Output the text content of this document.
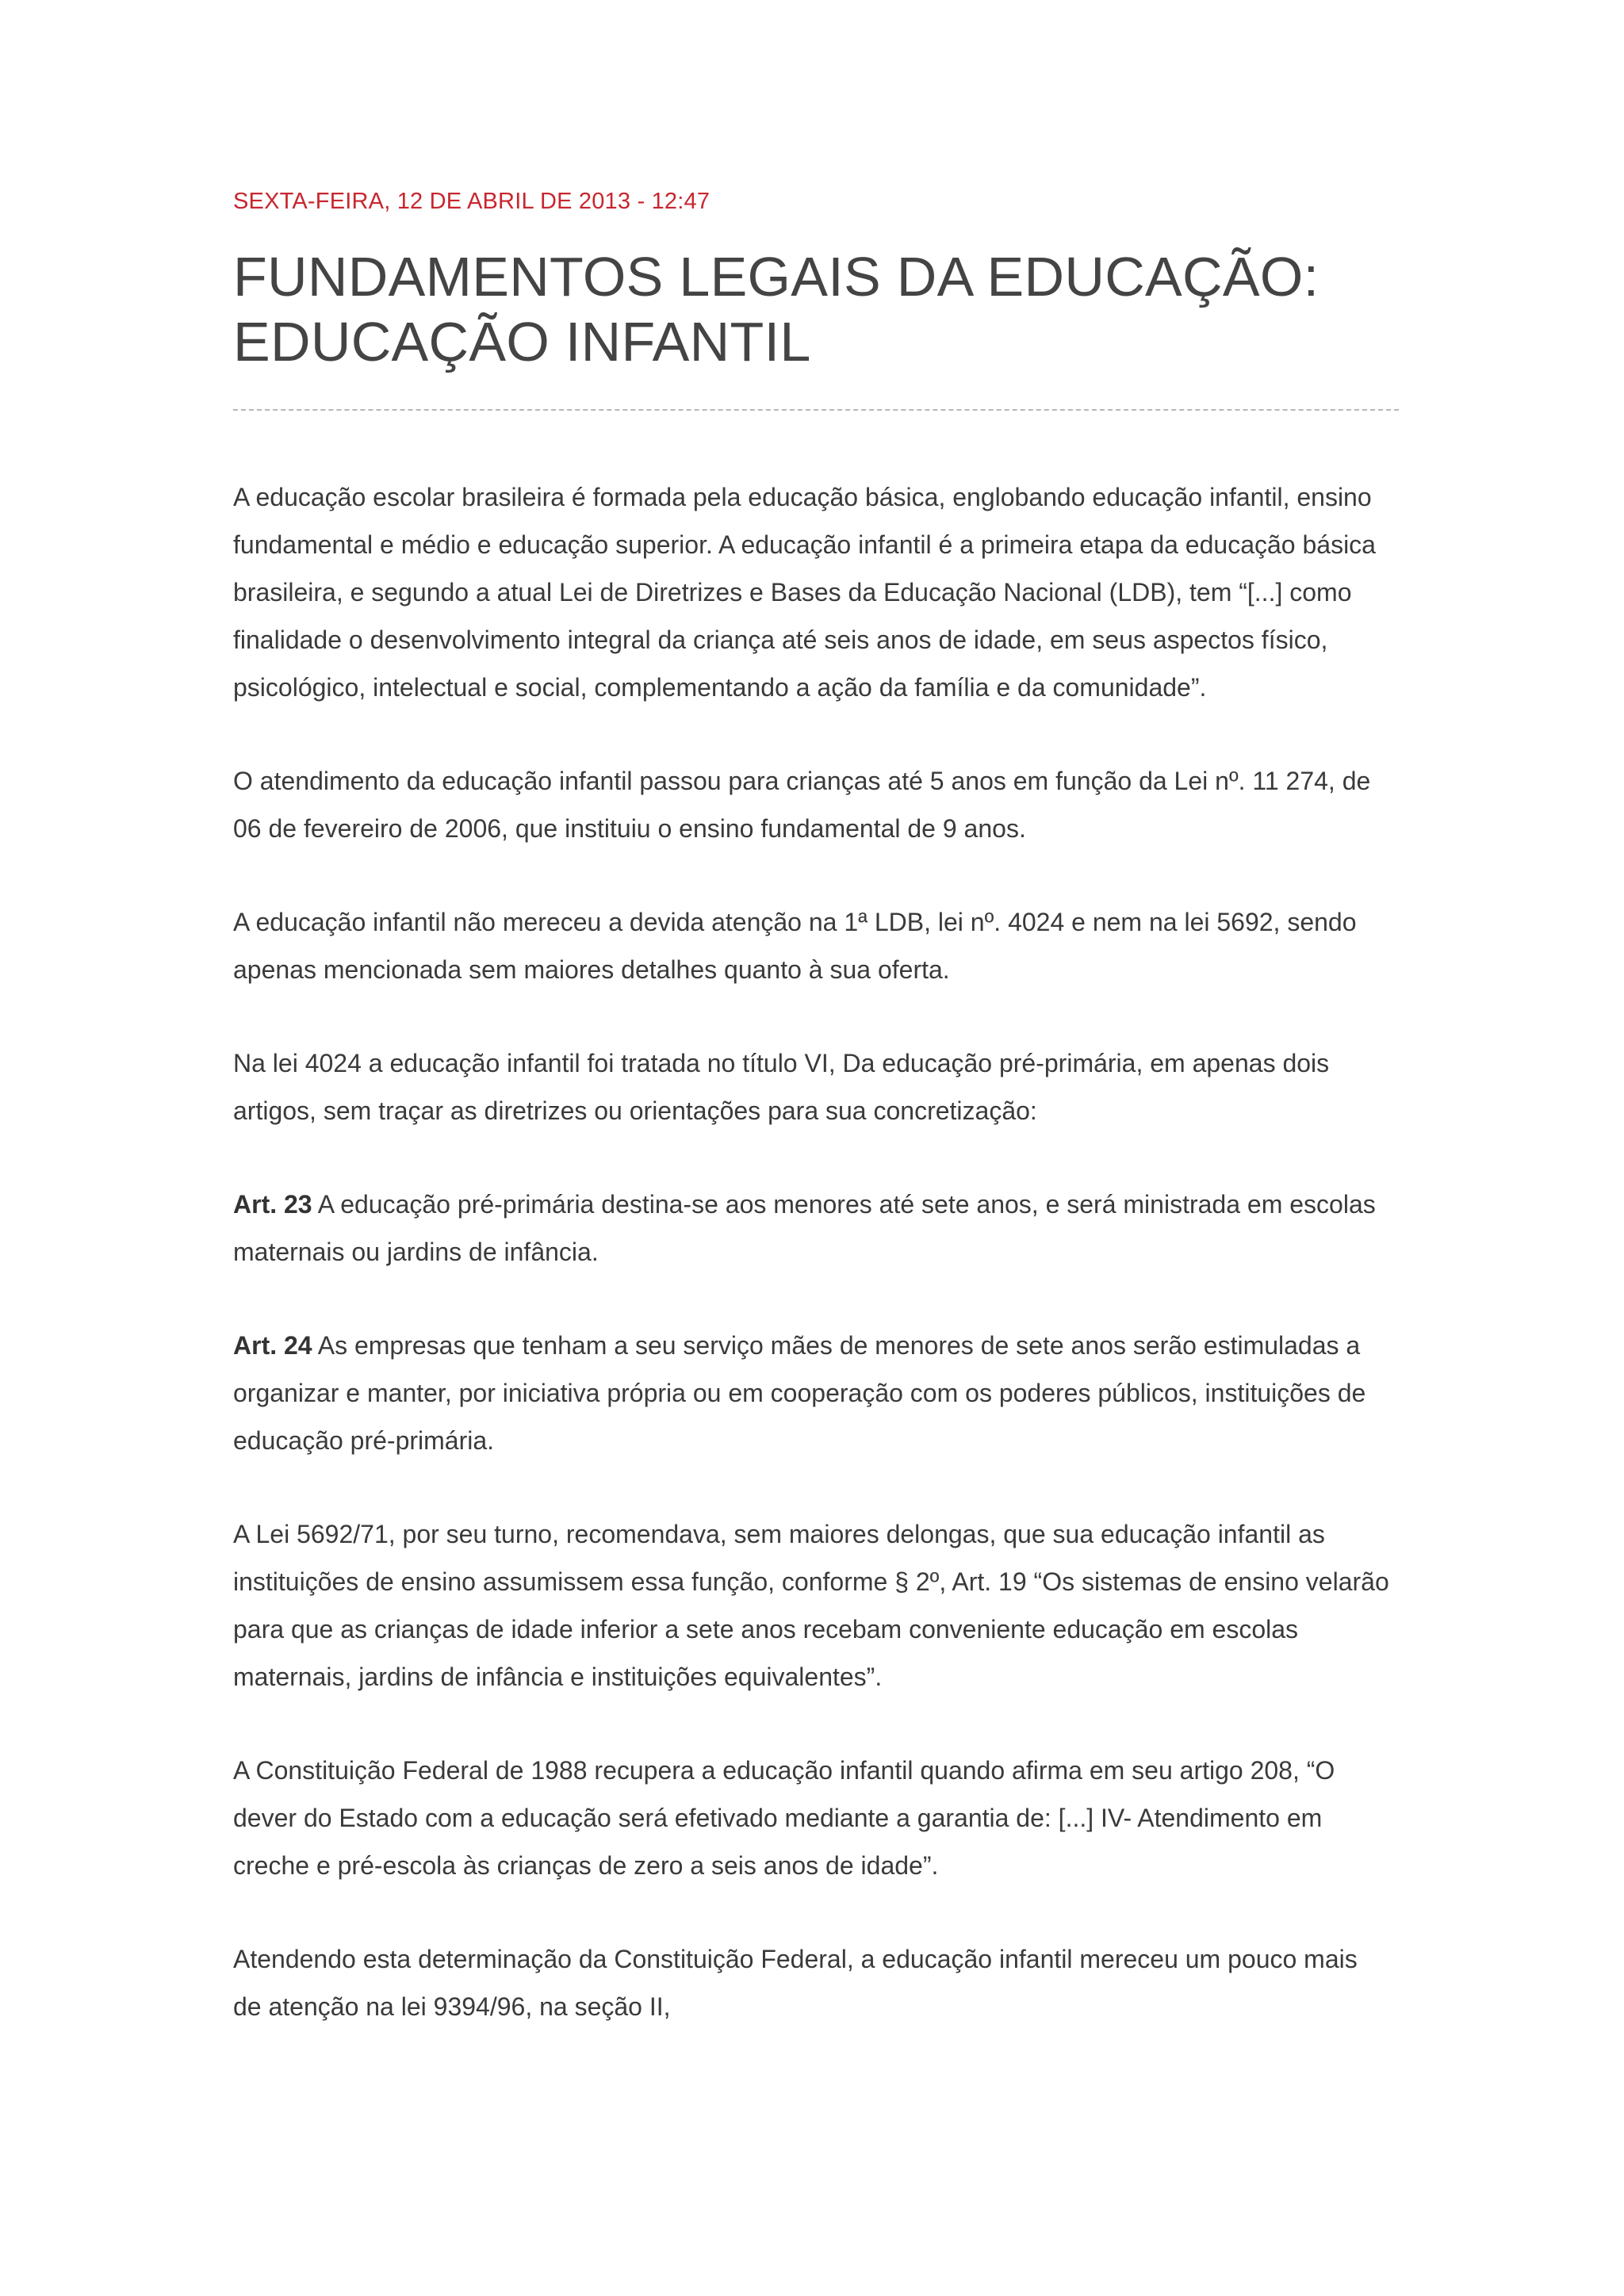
SEXTA-FEIRA, 12 DE ABRIL DE 2013 - 12:47

FUNDAMENTOS LEGAIS DA EDUCAÇÃO:
EDUCAÇÃO INFANTIL

A educação escolar brasileira é formada pela educação básica, englobando educação infantil, ensino fundamental e médio e educação superior. A educação infantil é a primeira etapa da educação básica brasileira, e segundo a atual Lei de Diretrizes e Bases da Educação Nacional (LDB), tem “[...] como finalidade o desenvolvimento integral da criança até seis anos de idade, em seus aspectos físico, psicológico, intelectual e social, complementando a ação da família e da comunidade”.

O atendimento da educação infantil passou para crianças até 5 anos em função da Lei nº. 11 274, de 06 de fevereiro de 2006, que instituiu o ensino fundamental de 9 anos.

A educação infantil não mereceu a devida atenção na 1ª LDB, lei nº. 4024 e nem na lei 5692, sendo apenas mencionada sem maiores detalhes quanto à sua oferta.

Na lei 4024 a educação infantil foi tratada no título VI, Da educação pré-primária, em apenas dois artigos, sem traçar as diretrizes ou orientações para sua concretização:

Art. 23 A educação pré-primária destina-se aos menores até sete anos, e será ministrada em escolas maternais ou jardins de infância.

Art. 24 As empresas que tenham a seu serviço mães de menores de sete anos serão estimuladas a organizar e manter, por iniciativa própria ou em cooperação com os poderes públicos, instituições de educação pré-primária.

A Lei 5692/71, por seu turno, recomendava, sem maiores delongas, que sua educação infantil as instituições de ensino assumissem essa função, conforme § 2º, Art. 19 “Os sistemas de ensino velarão para que as crianças de idade inferior a sete anos recebam conveniente educação em escolas maternais, jardins de infância e instituições equivalentes”.

A Constituição Federal de 1988 recupera a educação infantil quando afirma em seu artigo 208, “O dever do Estado com a educação será efetivado mediante a garantia de: [...] IV- Atendimento em creche e pré-escola às crianças de zero a seis anos de idade”.

Atendendo esta determinação da Constituição Federal, a educação infantil mereceu um pouco mais de atenção na lei 9394/96, na seção II,
